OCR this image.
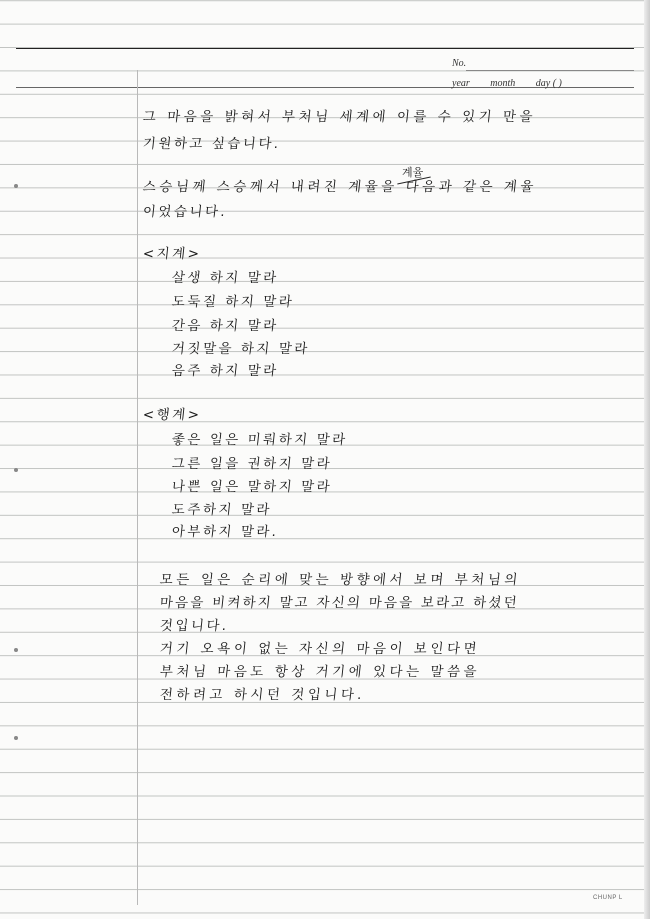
No.
year month day ( )
그 마음을 밝혀서 부처님 세계에 이를 수 있기 만을
기원하고 싶습니다.
계율
스승님께 스승께서 내려진 계율을 다음과 같은 계율
이었습니다.
<지계>
살생 하지 말라
도둑질 하지 말라
간음 하지 말라
거짓말을 하지 말라
음주 하지 말라
<행계>
좋은 일은 미뤄하지 말라
그른 일을 권하지 말라
나쁜 일은 말하지 말라
도주하지 말라
아부하지 말라.
모든 일은 순리에 맞는 방향에서 보며 부처님의
마음을 비켜하지 말고 자신의 마음을 보라고 하셨던
것입니다.
거기 오욕이 없는 자신의 마음이 보인다면
부처님 마음도 항상 거기에 있다는 말씀을
전하려고 하시던 것입니다.
CHUNP L
